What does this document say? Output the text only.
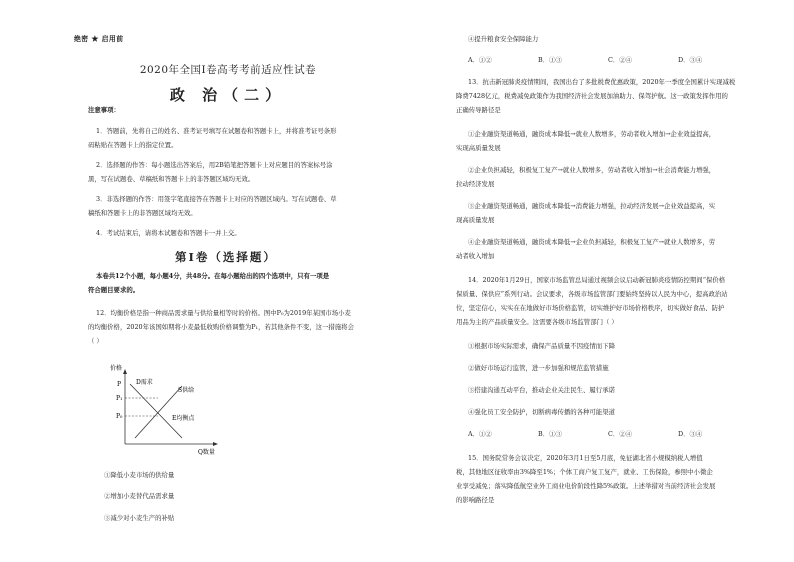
绝密 ★ 启用前
2020年全国Ⅰ卷高考考前适应性试卷
政 治（二）
注意事项：
1．答题前，先将自己的姓名、准考证号填写在试题卷和答题卡上，并将准考证号条形
码粘贴在答题卡上的指定位置。
2．选择题的作答：每小题选出答案后，用2B铅笔把答题卡上对应题目的答案标号涂
黑，写在试题卷、草稿纸和答题卡上的非答题区域均无效。
3．非选择题的作答：用签字笔直接答在答题卡上对应的答题区域内。写在试题卷、草
稿纸和答题卡上的非答题区域均无效。
4．考试结束后，请将本试题卷和答题卡一并上交。
第Ⅰ卷（选择题）
本卷共12个小题，每小题4分，共48分。在每小题给出的四个选项中，只有一项是
符合题目要求的。
12．均衡价格是指一种商品需求量与供给量相等时的价格。图中P₀为2019年某国市场小麦
的均衡价格，2020年该国如期将小麦最低收购价格调整为P₁，若其他条件不变，这一措施将会
（ ）
价格
P
P₁
P₀
D需求
S供给
E均衡点
Q数量
①降低小麦市场的供给量
②增加小麦替代品需求量
③减少对小麦生产的补贴
④提升粮食安全保障能力
A．①②	B．①③	C．②④	D．③④
13．抗击新冠肺炎疫情期间，我国出台了多批税费优惠政策，2020年一季度全国累计实现减税
降费7428亿元，税费减免政策作为我国经济社会发展加油助力、保驾护航。这一政策发挥作用的
正确传导路径是
①企业融资渠道畅通，融资成本降低→就业人数增多，劳动者收入增加→企业效益提高，
实现高质量发展
②企业负担减轻，积极复工复产→就业人数增多，劳动者收入增加→社会消费能力增强，
拉动经济发展
③企业融资渠道畅通，融资成本降低→消费能力增强，拉动经济发展→企业效益提高，实
现高质量发展
④企业融资渠道畅通，融资成本降低→企业负担减轻，积极复工复产→就业人数增多，劳
动者收入增加
14．2020年1月29日，国家市场监管总局通过视频会议启动新冠肺炎疫情防控期间“保价格
保质量、保供应”系列行动。会议要求，各级市场监管部门要始终坚持以人民为中心，提高政治站
位，坚定信心，实实在在地做好市场价格监管，切实维护好市场价格秩序，切实做好食品、防护
用品为主的产品质量安全。这需要各级市场监管部门（ ）
①根据市场实际需求，确保产品质量不因疫情而下降
②做好市场运行监管，进一步加强和规范监管措施
③搭建沟通互动平台，推动企业关注民生、履行承诺
④强化员工安全防护，切断病毒传播的各种可能渠道
A．①②	B．①③	C．②④	D．③④
15．国务院常务会议决定，2020年3月1日至5月底，免征湖北省小规模纳税人增值
税，其他地区征收率由3%降至1%；个体工商户复工复产，就业、工伤保险，参照中小微企
业享受减免；落实降低航空业外工商业电价阶段性降5%政策。上述举措对当前经济社会发展
的影响路径是
